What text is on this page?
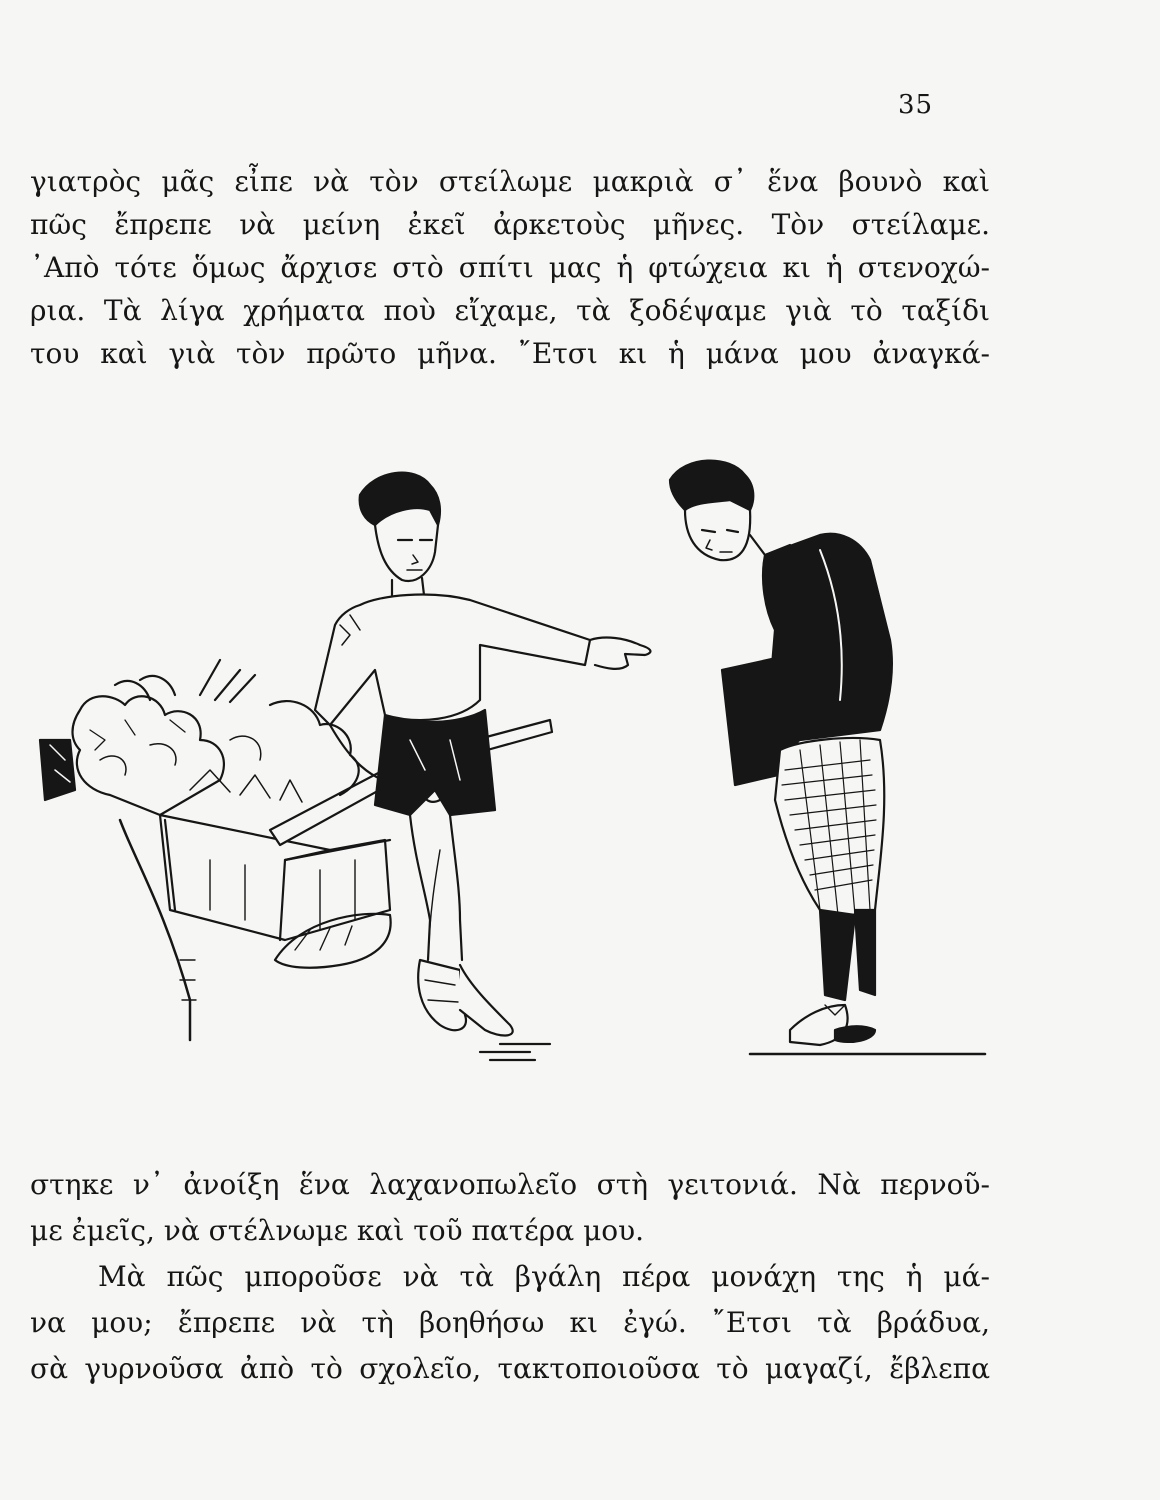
35
γιατρὸς μᾶς εἶπε νὰ τὸν στείλωμε μακριὰ σ᾿ ἕνα βουνὸ καὶ
πῶς ἔπρεπε νὰ μείνη ἐκεῖ ἀρκετοὺς μῆνες. Τὸν στείλαμε.
᾿Απὸ τότε ὅμως ἄρχισε στὸ σπίτι μας ἡ φτώχεια κι ἡ στενοχώ-
ρια. Τὰ λίγα χρήματα ποὺ εἴχαμε, τὰ ξοδέψαμε γιὰ τὸ ταξίδι
του καὶ γιὰ τὸν πρῶτο μῆνα. ῎Ετσι κι ἡ μάνα μου ἀναγκά-
στηκε ν᾿ ἀνοίξη ἕνα λαχανοπωλεῖο στὴ γειτονιά. Νὰ περνοῦ-
με ἐμεῖς, νὰ στέλνωμε καὶ τοῦ πατέρα μου.
Μὰ πῶς μποροῦσε νὰ τὰ βγάλη πέρα μονάχη της ἡ μά-
να μου; ἔπρεπε νὰ τὴ βοηθήσω κι ἐγώ. ῎Ετσι τὰ βράδυα,
σὰ γυρνοῦσα ἀπὸ τὸ σχολεῖο, τακτοποιοῦσα τὸ μαγαζί, ἔβλεπα
